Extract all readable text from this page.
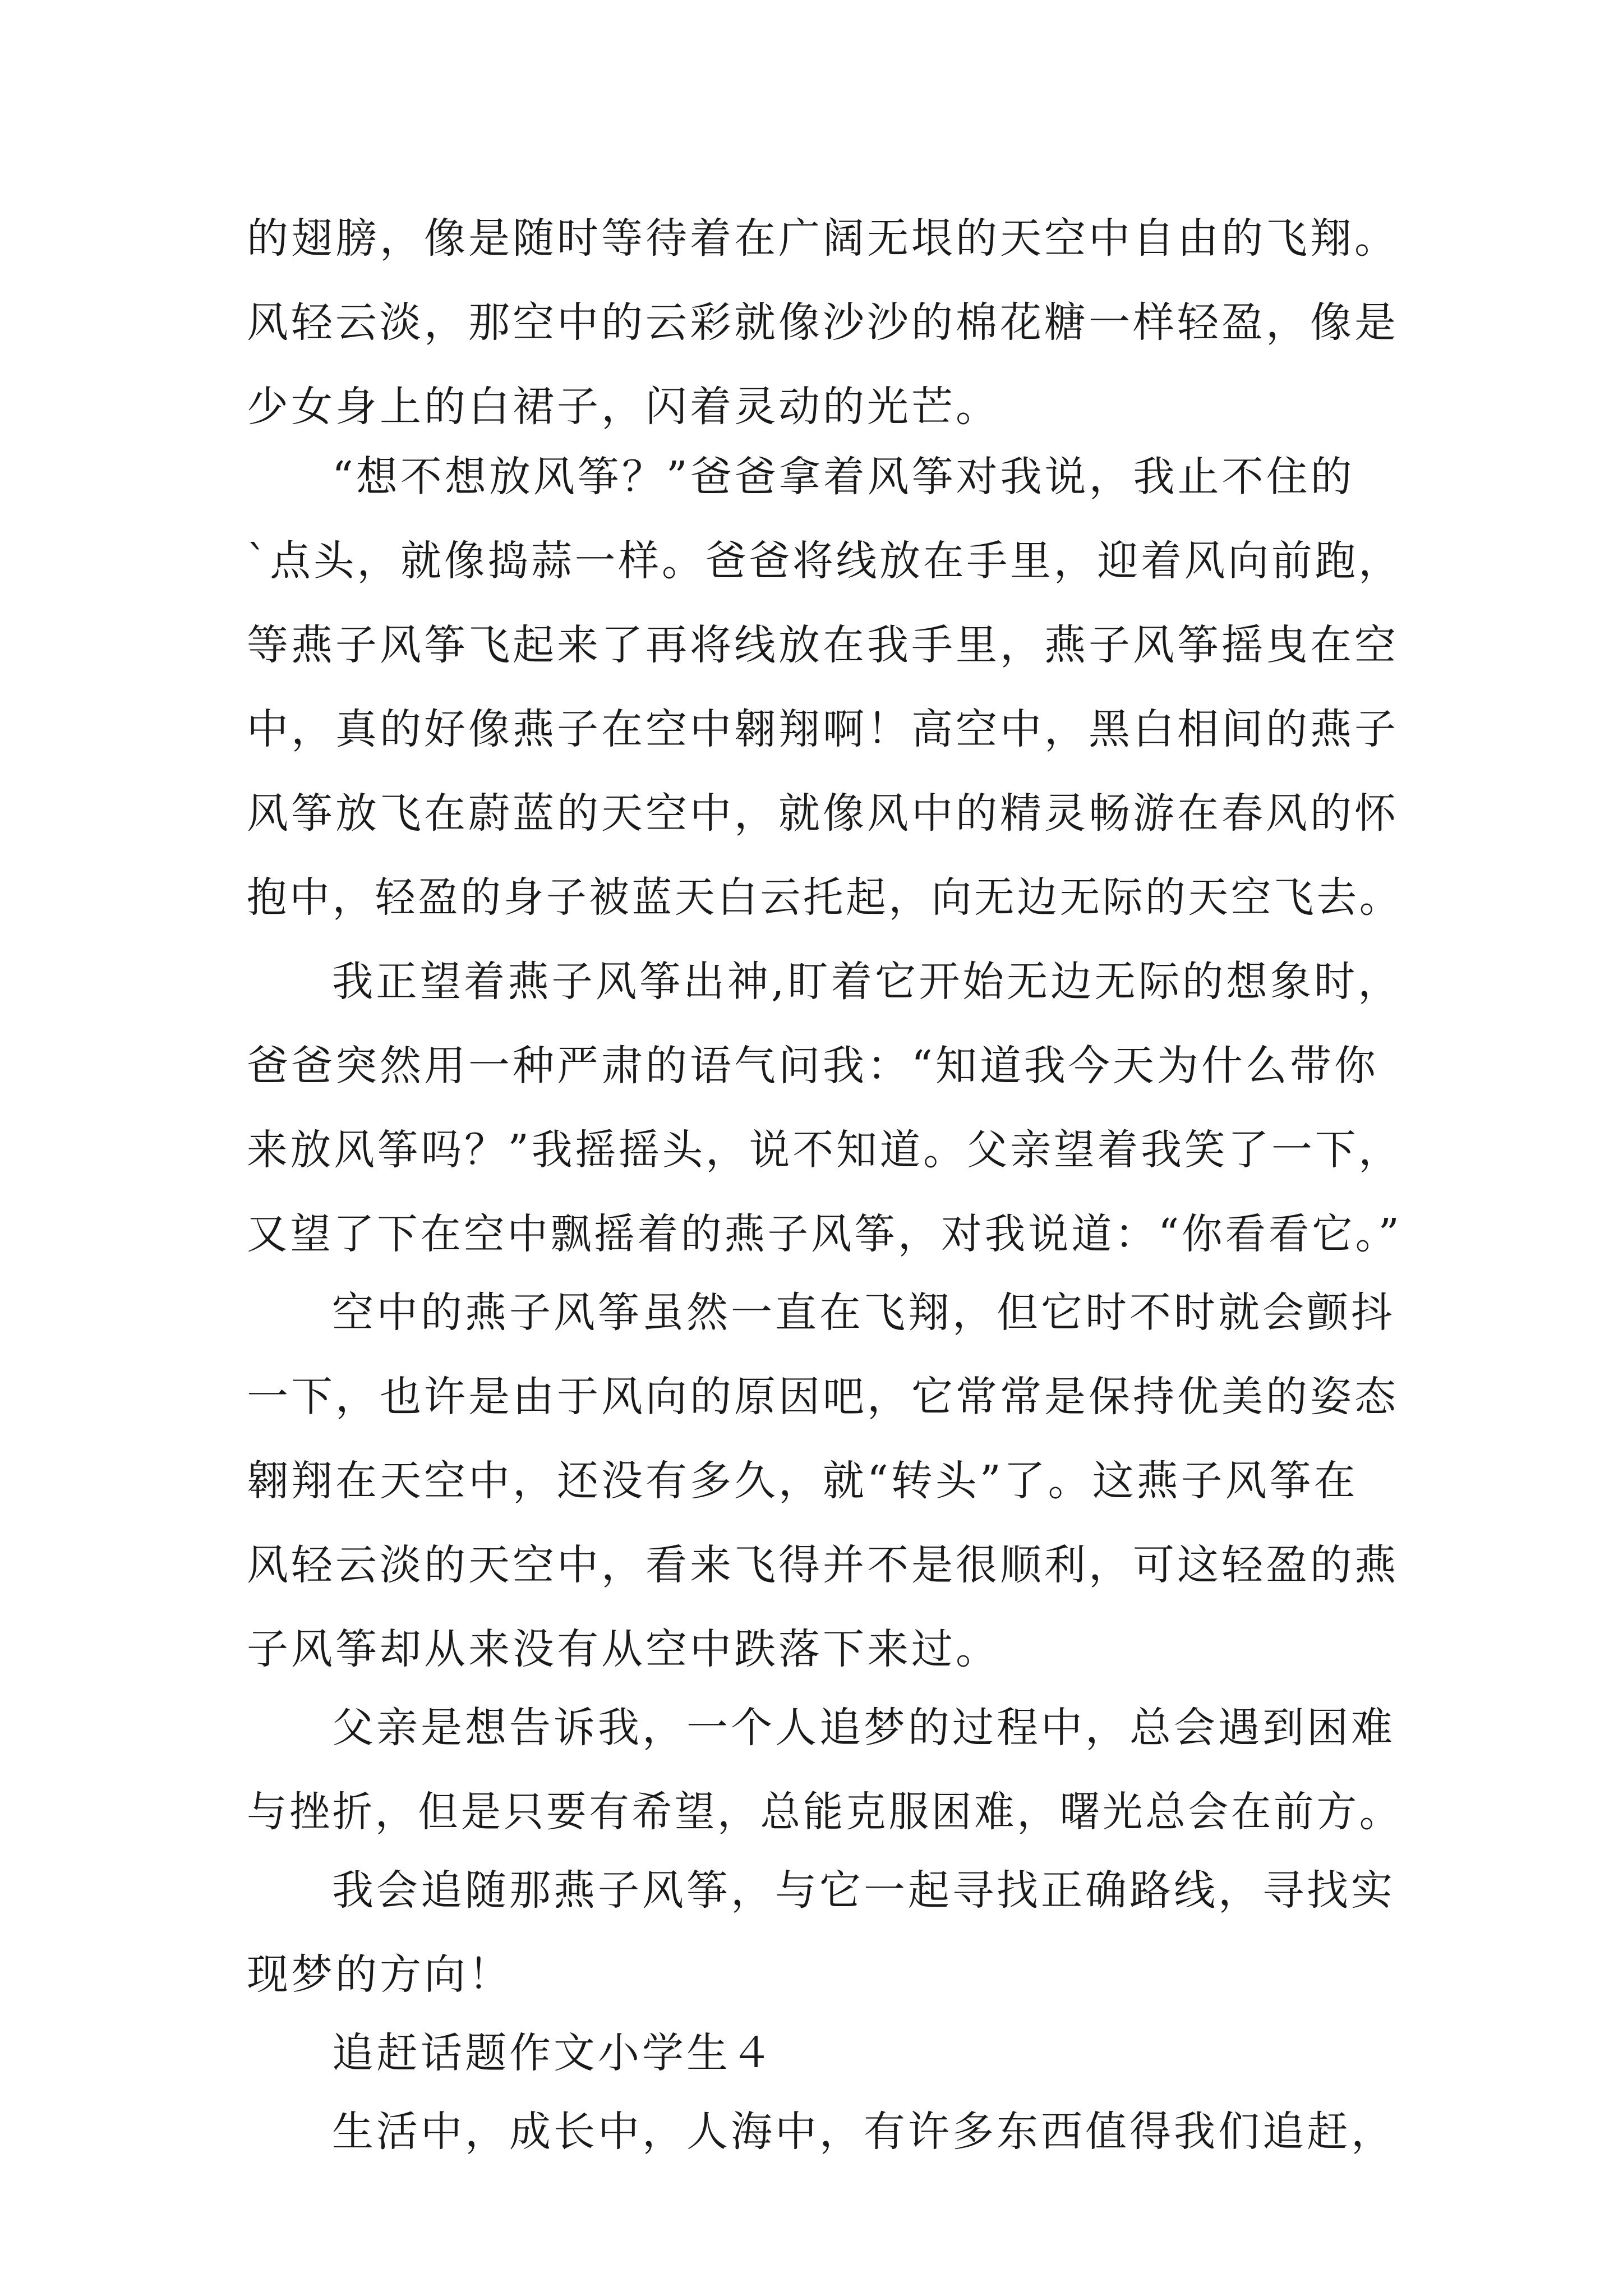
的翅膀，像是随时等待着在广阔无垠的天空中自由的飞翔。
风轻云淡，那空中的云彩就像沙沙的棉花糖一样轻盈，像是
少女身上的白裙子，闪着灵动的光芒。
“想不想放风筝？”爸爸拿着风筝对我说，我止不住的
`点头，就像捣蒜一样。爸爸将线放在手里，迎着风向前跑，
等燕子风筝飞起来了再将线放在我手里，燕子风筝摇曳在空
中，真的好像燕子在空中翱翔啊！高空中，黑白相间的燕子
风筝放飞在蔚蓝的天空中，就像风中的精灵畅游在春风的怀
抱中，轻盈的身子被蓝天白云托起，向无边无际的天空飞去。
我正望着燕子风筝出神,盯着它开始无边无际的想象时，
爸爸突然用一种严肃的语气问我：“知道我今天为什么带你
来放风筝吗？”我摇摇头，说不知道。父亲望着我笑了一下，
又望了下在空中飘摇着的燕子风筝，对我说道：“你看看它。”
空中的燕子风筝虽然一直在飞翔，但它时不时就会颤抖
一下，也许是由于风向的原因吧，它常常是保持优美的姿态
翱翔在天空中，还没有多久，就“转头”了。这燕子风筝在
风轻云淡的天空中，看来飞得并不是很顺利，可这轻盈的燕
子风筝却从来没有从空中跌落下来过。
父亲是想告诉我，一个人追梦的过程中，总会遇到困难
与挫折，但是只要有希望，总能克服困难，曙光总会在前方。
我会追随那燕子风筝，与它一起寻找正确路线，寻找实
现梦的方向！
追赶话题作文小学生４
生活中，成长中，人海中，有许多东西值得我们追赶，
